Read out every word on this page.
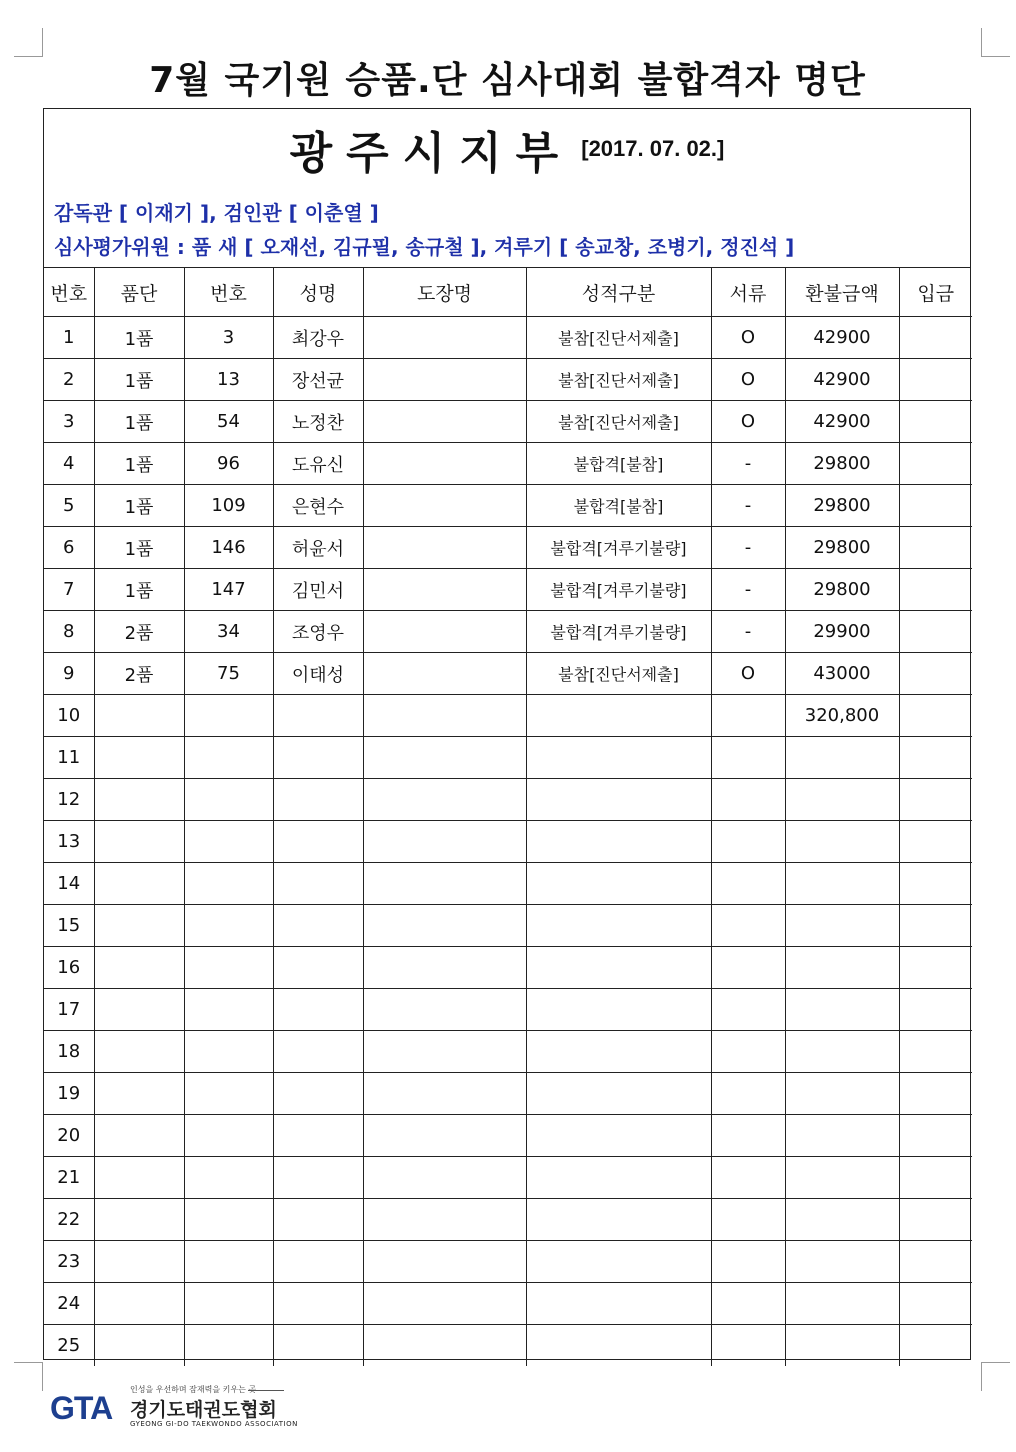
7월 국기원 승품.단 심사대회 불합격자 명단
광주시지부 [2017. 07. 02.]
감독관 [ 이재기 ], 검인관 [ 이춘열 ]
심사평가위원 : 품 새 [ 오재선, 김규필, 송규철 ], 겨루기 [ 송교창, 조병기, 정진석 ]
번호	품단	번호	성명	도장명	성적구분	서류	환불금액	입금
1	1품	3	최강우		불참[진단서제출]	O	42900	
2	1품	13	장선균		불참[진단서제출]	O	42900	
3	1품	54	노정찬		불참[진단서제출]	O	42900	
4	1품	96	도유신		불합격[불참]	-	29800	
5	1품	109	은현수		불합격[불참]	-	29800	
6	1품	146	허윤서		불합격[겨루기불량]	-	29800	
7	1품	147	김민서		불합격[겨루기불량]	-	29800	
8	2품	34	조영우		불합격[겨루기불량]	-	29900	
9	2품	75	이태성		불참[진단서제출]	O	43000	
10							320,800	
11								
12								
13								
14								
15								
16								
17								
18								
19								
20								
21								
22								
23								
24								
25								
GTA
인성을 우선하며 잠재력을 키우는 곳
경기도태권도협회
GYEONG GI-DO TAEKWONDO ASSOCIATION
